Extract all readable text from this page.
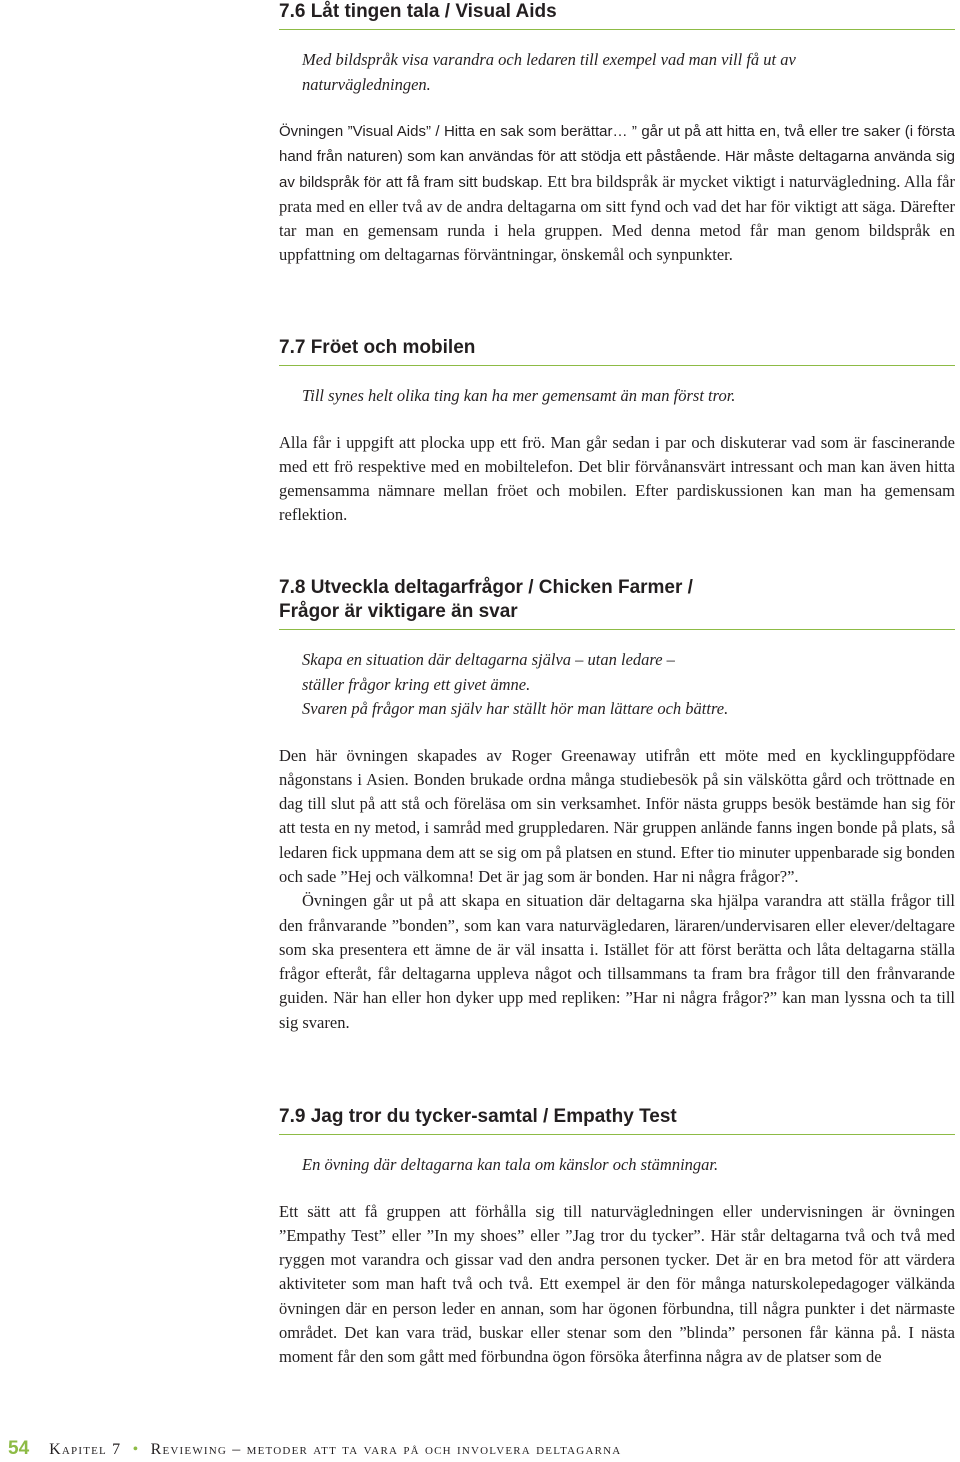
7.6 Låt tingen tala / Visual Aids

Med bildspråk visa varandra och ledaren till exempel vad man vill få ut av naturvägledningen.

Övningen ”Visual Aids” / Hitta en sak som berättar… ” går ut på att hitta en, två eller tre saker (i första hand från naturen) som kan användas för att stödja ett påstående. Här måste deltagarna använda sig av bildspråk för att få fram sitt budskap. Ett bra bildspråk är mycket viktigt i naturvägledning. Alla får prata med en eller två av de andra deltagarna om sitt fynd och vad det har för viktigt att säga. Därefter tar man en gemensam runda i hela gruppen. Med denna metod får man genom bildspråk en uppfattning om deltagarnas förväntningar, önskemål och synpunkter.

7.7 Fröet och mobilen

Till synes helt olika ting kan ha mer gemensamt än man först tror.

Alla får i uppgift att plocka upp ett frö. Man går sedan i par och diskuterar vad som är fascinerande med ett frö respektive med en mobiltelefon. Det blir förvånansvärt intressant och man kan även hitta gemensamma nämnare mellan fröet och mobilen. Efter pardiskussionen kan man ha gemensam reflektion.

7.8 Utveckla deltagarfrågor / Chicken Farmer /
Frågor är viktigare än svar

Skapa en situation där deltagarna själva – utan ledare –
ställer frågor kring ett givet ämne.
Svaren på frågor man själv har ställt hör man lättare och bättre.

Den här övningen skapades av Roger Greenaway utifrån ett möte med en kycklinguppfödare någonstans i Asien. Bonden brukade ordna många studiebesök på sin välskötta gård och tröttnade en dag till slut på att stå och föreläsa om sin verksamhet. Inför nästa grupps besök bestämde han sig för att testa en ny metod, i samråd med gruppledaren. När gruppen anlände fanns ingen bonde på plats, så ledaren fick uppmana dem att se sig om på platsen en stund. Efter tio minuter uppenbarade sig bonden och sade ”Hej och välkomna! Det är jag som är bonden. Har ni några frågor?”.

Övningen går ut på att skapa en situation där deltagarna ska hjälpa varandra att ställa frågor till den frånvarande ”bonden”, som kan vara naturvägledaren, läraren/undervisaren eller elever/deltagare som ska presentera ett ämne de är väl insatta i. Istället för att först berätta och låta deltagarna ställa frågor efteråt, får deltagarna uppleva något och tillsammans ta fram bra frågor till den frånvarande guiden. När han eller hon dyker upp med repliken: ”Har ni några frågor?” kan man lyssna och ta till sig svaren.

7.9 Jag tror du tycker-samtal / Empathy Test

En övning där deltagarna kan tala om känslor och stämningar.

Ett sätt att få gruppen att förhålla sig till naturvägledningen eller undervisningen är övningen ”Empathy Test” eller ”In my shoes” eller ”Jag tror du tycker”. Här står deltagarna två och två med ryggen mot varandra och gissar vad den andra personen tycker. Det är en bra metod för att värdera aktiviteter som man haft två och två. Ett exempel är den för många naturskolepedagoger välkända övningen där en person leder en annan, som har ögonen förbundna, till några punkter i det närmaste området. Det kan vara träd, buskar eller stenar som den ”blinda” personen får känna på. I nästa moment får den som gått med förbundna ögon försöka återfinna några av de platser som de

54 Kapitel 7 • Reviewing – metoder att ta vara på och involvera deltagarna
